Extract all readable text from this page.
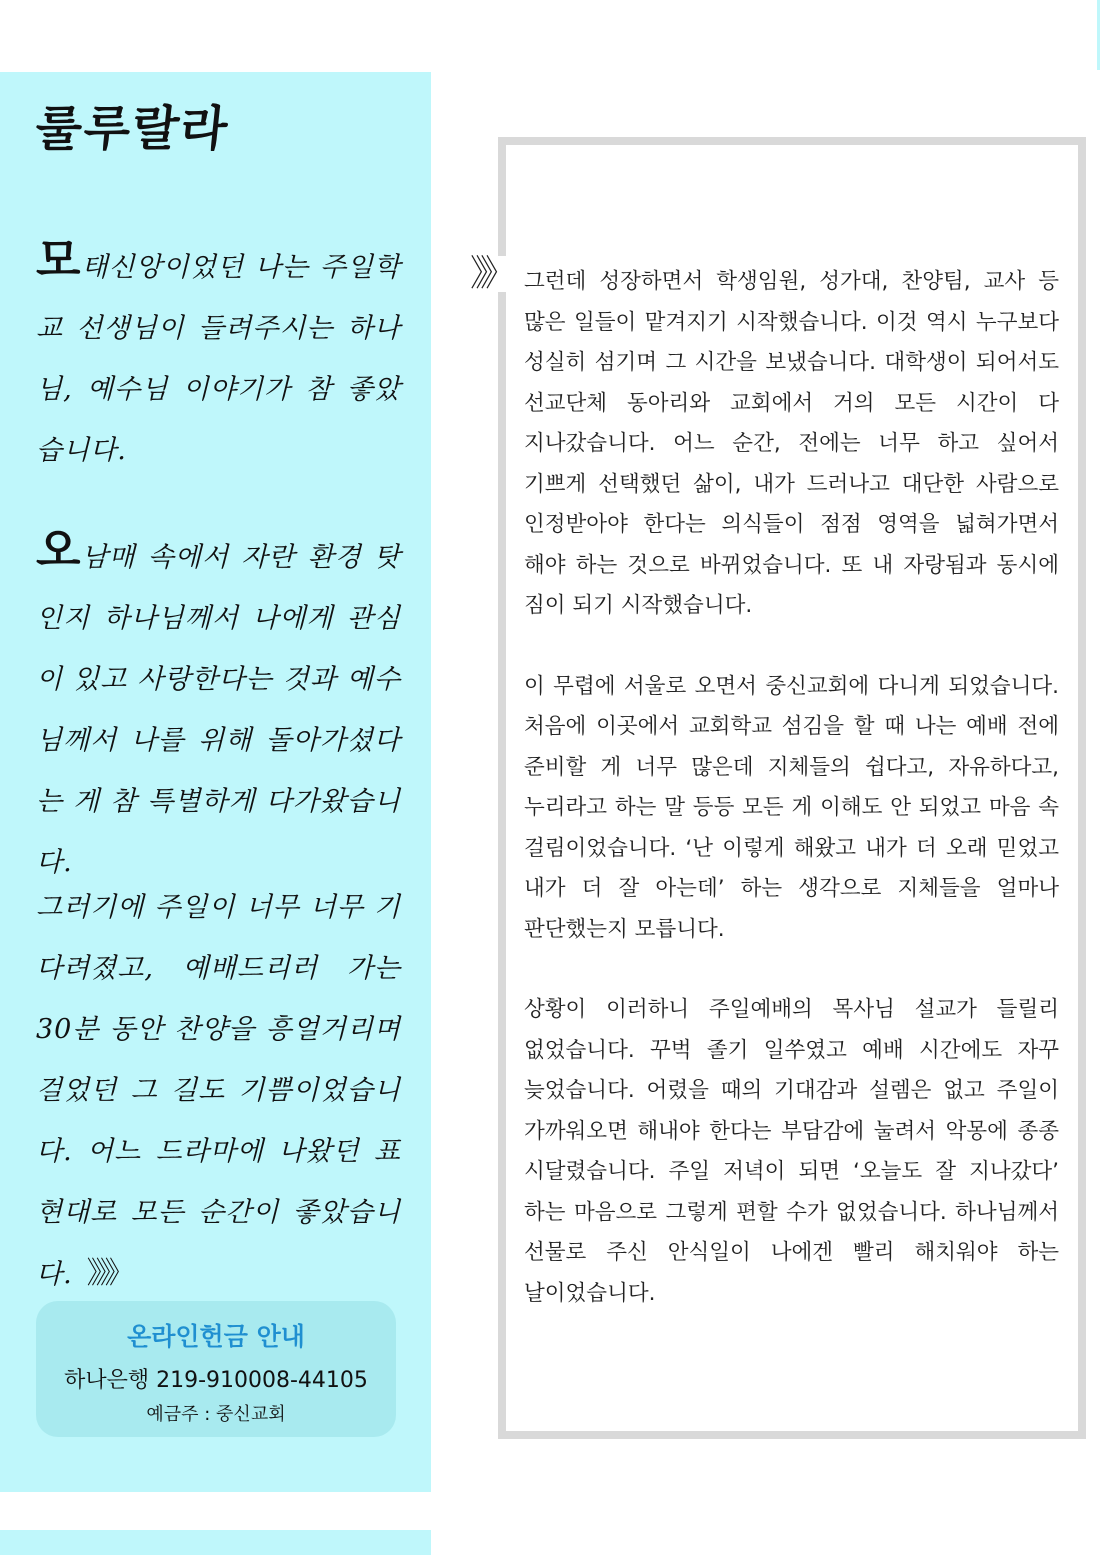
룰루랄라

모태신앙이었던 나는 주일학교 선생님이 들려주시는 하나님, 예수님 이야기가 참 좋았습니다.

오남매 속에서 자란 환경 탓인지 하나님께서 나에게 관심이 있고 사랑한다는 것과 예수님께서 나를 위해 돌아가셨다는 게 참 특별하게 다가왔습니다.

그러기에 주일이 너무 너무 기다려졌고, 예배드리러 가는 30분 동안 찬양을 흥얼거리며 걸었던 그 길도 기쁨이었습니다. 어느 드라마에 나왔던 표현대로 모든 순간이 좋았습니다. 》》》

온라인헌금 안내

하나은행 219-910008-44105

예금주 : 중신교회

》》 그런데 성장하면서 학생임원, 성가대, 찬양팀, 교사 등 많은 일들이 맡겨지기 시작했습니다. 이것 역시 누구보다 성실히 섬기며 그 시간을 보냈습니다. 대학생이 되어서도 선교단체 동아리와 교회에서 거의 모든 시간이 다 지나갔습니다. 어느 순간, 전에는 너무 하고 싶어서 기쁘게 선택했던 삶이, 내가 드러나고 대단한 사람으로 인정받아야 한다는 의식들이 점점 영역을 넓혀가면서 해야 하는 것으로 바뀌었습니다. 또 내 자랑됨과 동시에 짐이 되기 시작했습니다.

이 무렵에 서울로 오면서 중신교회에 다니게 되었습니다. 처음에 이곳에서 교회학교 섬김을 할 때 나는 예배 전에 준비할 게 너무 많은데 지체들의 쉽다고, 자유하다고, 누리라고 하는 말 등등 모든 게 이해도 안 되었고 마음 속 걸림이었습니다. ‘난 이렇게 해왔고 내가 더 오래 믿었고 내가 더 잘 아는데’ 하는 생각으로 지체들을 얼마나 판단했는지 모릅니다.

상황이 이러하니 주일예배의 목사님 설교가 들릴리 없었습니다. 꾸벅 졸기 일쑤였고 예배 시간에도 자꾸 늦었습니다. 어렸을 때의 기대감과 설렘은 없고 주일이 가까워오면 해내야 한다는 부담감에 눌려서 악몽에 종종 시달렸습니다. 주일 저녁이 되면 ‘오늘도 잘 지나갔다’ 하는 마음으로 그렇게 편할 수가 없었습니다. 하나님께서 선물로 주신 안식일이 나에겐 빨리 해치워야 하는 날이었습니다.
